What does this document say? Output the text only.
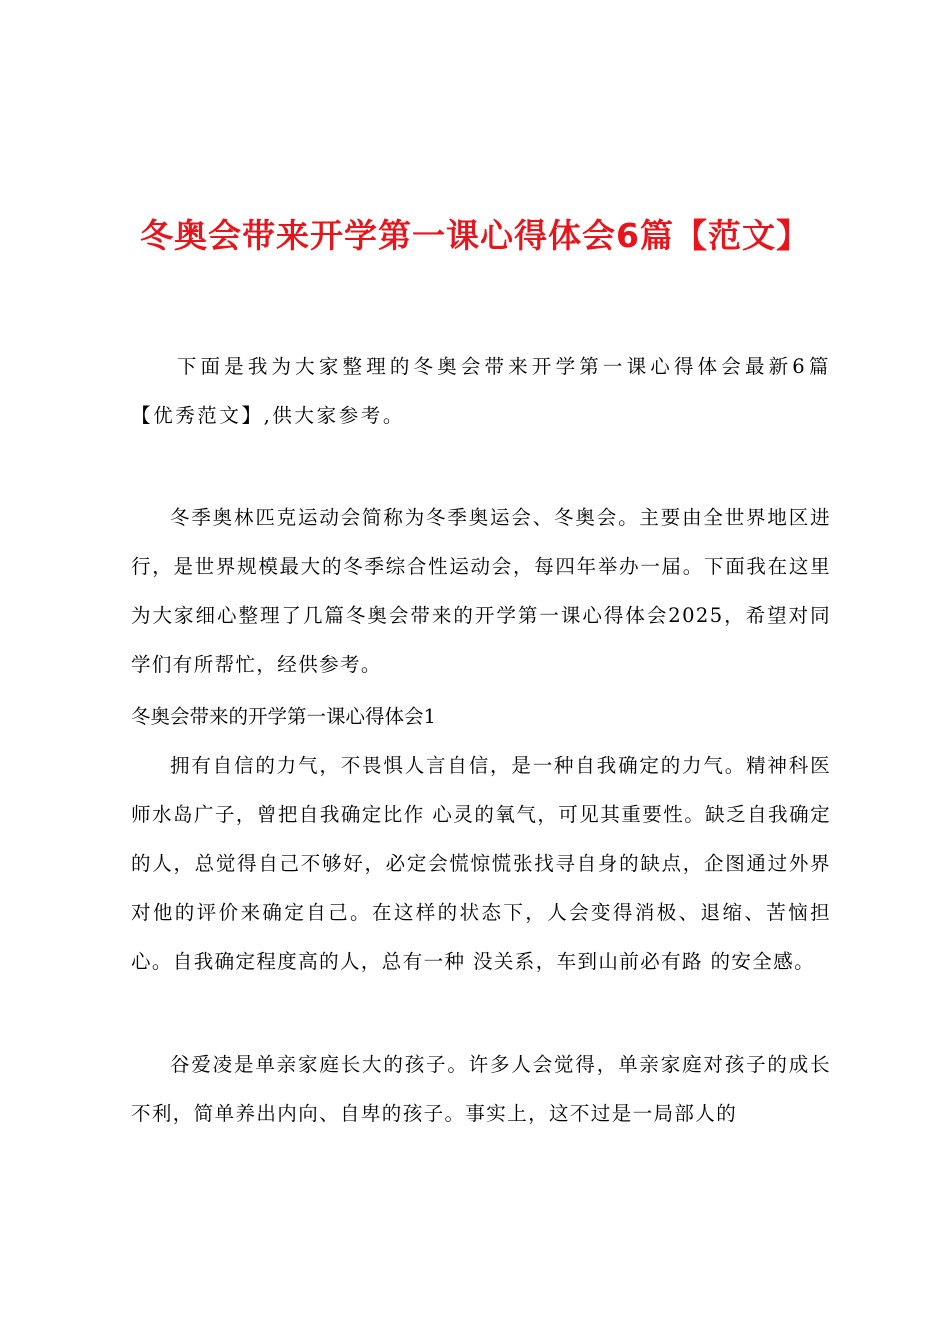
冬奥会带来开学第一课心得体会6篇【范文】

下面是我为大家整理的冬奥会带来开学第一课心得体会最新6篇【优秀范文】,供大家参考。

冬季奥林匹克运动会简称为冬季奥运会、冬奥会。主要由全世界地区进行，是世界规模最大的冬季综合性运动会，每四年举办一届。下面我在这里为大家细心整理了几篇冬奥会带来的开学第一课心得体会2025，希望对同学们有所帮忙，经供参考。

冬奥会带来的开学第一课心得体会1

拥有自信的力气，不畏惧人言自信，是一种自我确定的力气。精神科医师水岛广子，曾把自我确定比作 心灵的氧气，可见其重要性。缺乏自我确定的人，总觉得自己不够好，必定会慌惊慌张找寻自身的缺点，企图通过外界对他的评价来确定自己。在这样的状态下，人会变得消极、退缩、苦恼担心。自我确定程度高的人，总有一种 没关系，车到山前必有路 的安全感。

谷爱凌是单亲家庭长大的孩子。许多人会觉得，单亲家庭对孩子的成长不利，简单养出内向、自卑的孩子。事实上，这不过是一局部人的
